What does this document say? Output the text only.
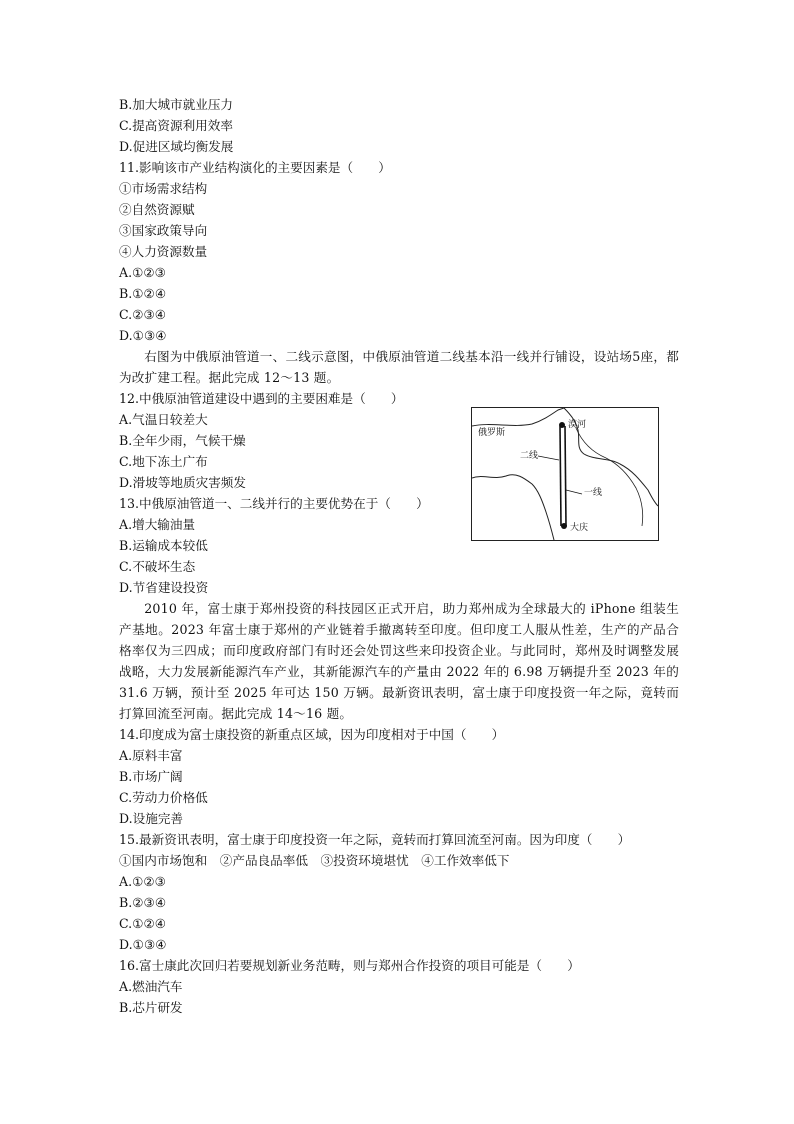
B.加大城市就业压力
C.提高资源利用效率
D.促进区域均衡发展
11.影响该市产业结构演化的主要因素是（　　）
①市场需求结构
②自然资源赋
③国家政策导向
④人力资源数量
A.①②③
B.①②④
C.②③④
D.①③④
右图为中俄原油管道一、二线示意图，中俄原油管道二线基本沿一线并行铺设，设站场5座，都为改扩建工程。据此完成 12～13 题。
12.中俄原油管道建设中遇到的主要困难是（　　）
A.气温日较差大
B.全年少雨，气候干燥
C.地下冻土广布
D.滑坡等地质灾害频发
13.中俄原油管道一、二线并行的主要优势在于（　　）
A.增大输油量
B.运输成本较低
C.不破坏生态
D.节省建设投资
2010 年，富士康于郑州投资的科技园区正式开启，助力郑州成为全球最大的 iPhone 组装生产基地。2023 年富士康于郑州的产业链着手撤离转至印度。但印度工人服从性差，生产的产品合格率仅为三四成；而印度政府部门有时还会处罚这些来印投资企业。与此同时，郑州及时调整发展战略，大力发展新能源汽车产业，其新能源汽车的产量由 2022 年的 6.98 万辆提升至 2023 年的 31.6 万辆，预计至 2025 年可达 150 万辆。最新资讯表明，富士康于印度投资一年之际，竟转而打算回流至河南。据此完成 14～16 题。
14.印度成为富士康投资的新重点区域，因为印度相对于中国（　　）
A.原料丰富
B.市场广阔
C.劳动力价格低
D.设施完善
15.最新资讯表明，富士康于印度投资一年之际，竟转而打算回流至河南。因为印度（　　）
①国内市场饱和　②产品良品率低　③投资环境堪忧　④工作效率低下
A.①②③
B.②③④
C.①②④
D.①③④
16.富士康此次回归若要规划新业务范畴，则与郑州合作投资的项目可能是（　　）
A.燃油汽车
B.芯片研发
俄罗斯
漠河
二线
一线
大庆
